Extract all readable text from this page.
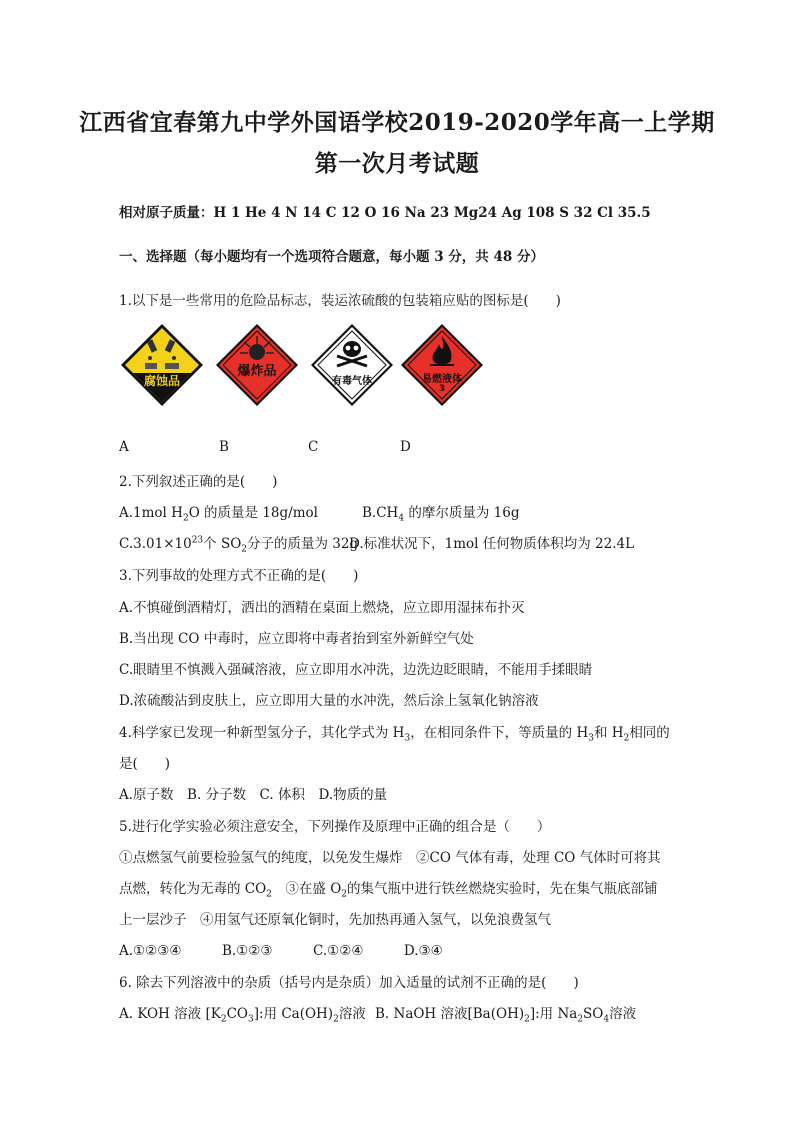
江西省宜春第九中学外国语学校2019-2020学年高一上学期
第一次月考试题
相对原子质量：H 1 He 4 N 14 C 12 O 16 Na 23 Mg24 Ag 108 S 32 Cl 35.5
一、选择题（每小题均有一个选项符合题意，每小题 3 分，共 48 分）
1.以下是一些常用的危险品标志，装运浓硫酸的包装箱应贴的图标是(　　)
腐蚀品
爆炸品
有毒气体	易燃液体
3
A	B	C	D
2.下列叙述正确的是(　　)
A.1mol $H_2O$ 的质量是 18g/mol	$B.CH_4$ 的摩尔质量为 16g
$C.3.01\times 10^{23}$个 $SO_2$分子的质量为 32g
D.标准状况下，1mol 任何物质体积均为 22.4L
3.下列事故的处理方式不正确的是(　　)
A.不慎碰倒酒精灯，洒出的酒精在桌面上燃烧，应立即用湿抹布扑灭
B.当出现 CO 中毒时，应立即将中毒者抬到室外新鲜空气处
C.眼睛里不慎溅入强碱溶液，应立即用水冲洗，边洗边眨眼睛，不能用手揉眼睛
D.浓硫酸沾到皮肤上，应立即用大量的水冲洗，然后涂上氢氧化钠溶液
4.科学家已发现一种新型氢分子，其化学式为 $H_3$，在相同条件下，等质量的 $H_3$和 $H_2$相同的
是(　　)
A.原子数　B. 分子数　C. 体积　D.物质的量
5.进行化学实验必须注意安全，下列操作及原理中正确的组合是（　　）
①点燃氢气前要检验氢气的纯度，以免发生爆炸　②CO 气体有毒，处理 CO 气体时可将其
点燃，转化为无毒的 $CO_2$　③在盛 $O_2$的集气瓶中进行铁丝燃烧实验时，先在集气瓶底部铺
上一层沙子　④用氢气还原氧化铜时，先加热再通入氢气，以免浪费氢气
A.①②③④　　　B.①②③　　　C.①②④　　　D.③④
6. 除去下列溶液中的杂质（括号内是杂质）加入适量的试剂不正确的是(　　)
A. KOH 溶液 $[K_2CO_3]$:用 $Ca(OH)_2$溶液 B. NaOH 溶液$[Ba(OH)_2]$:用 $Na_2SO_4$溶液
